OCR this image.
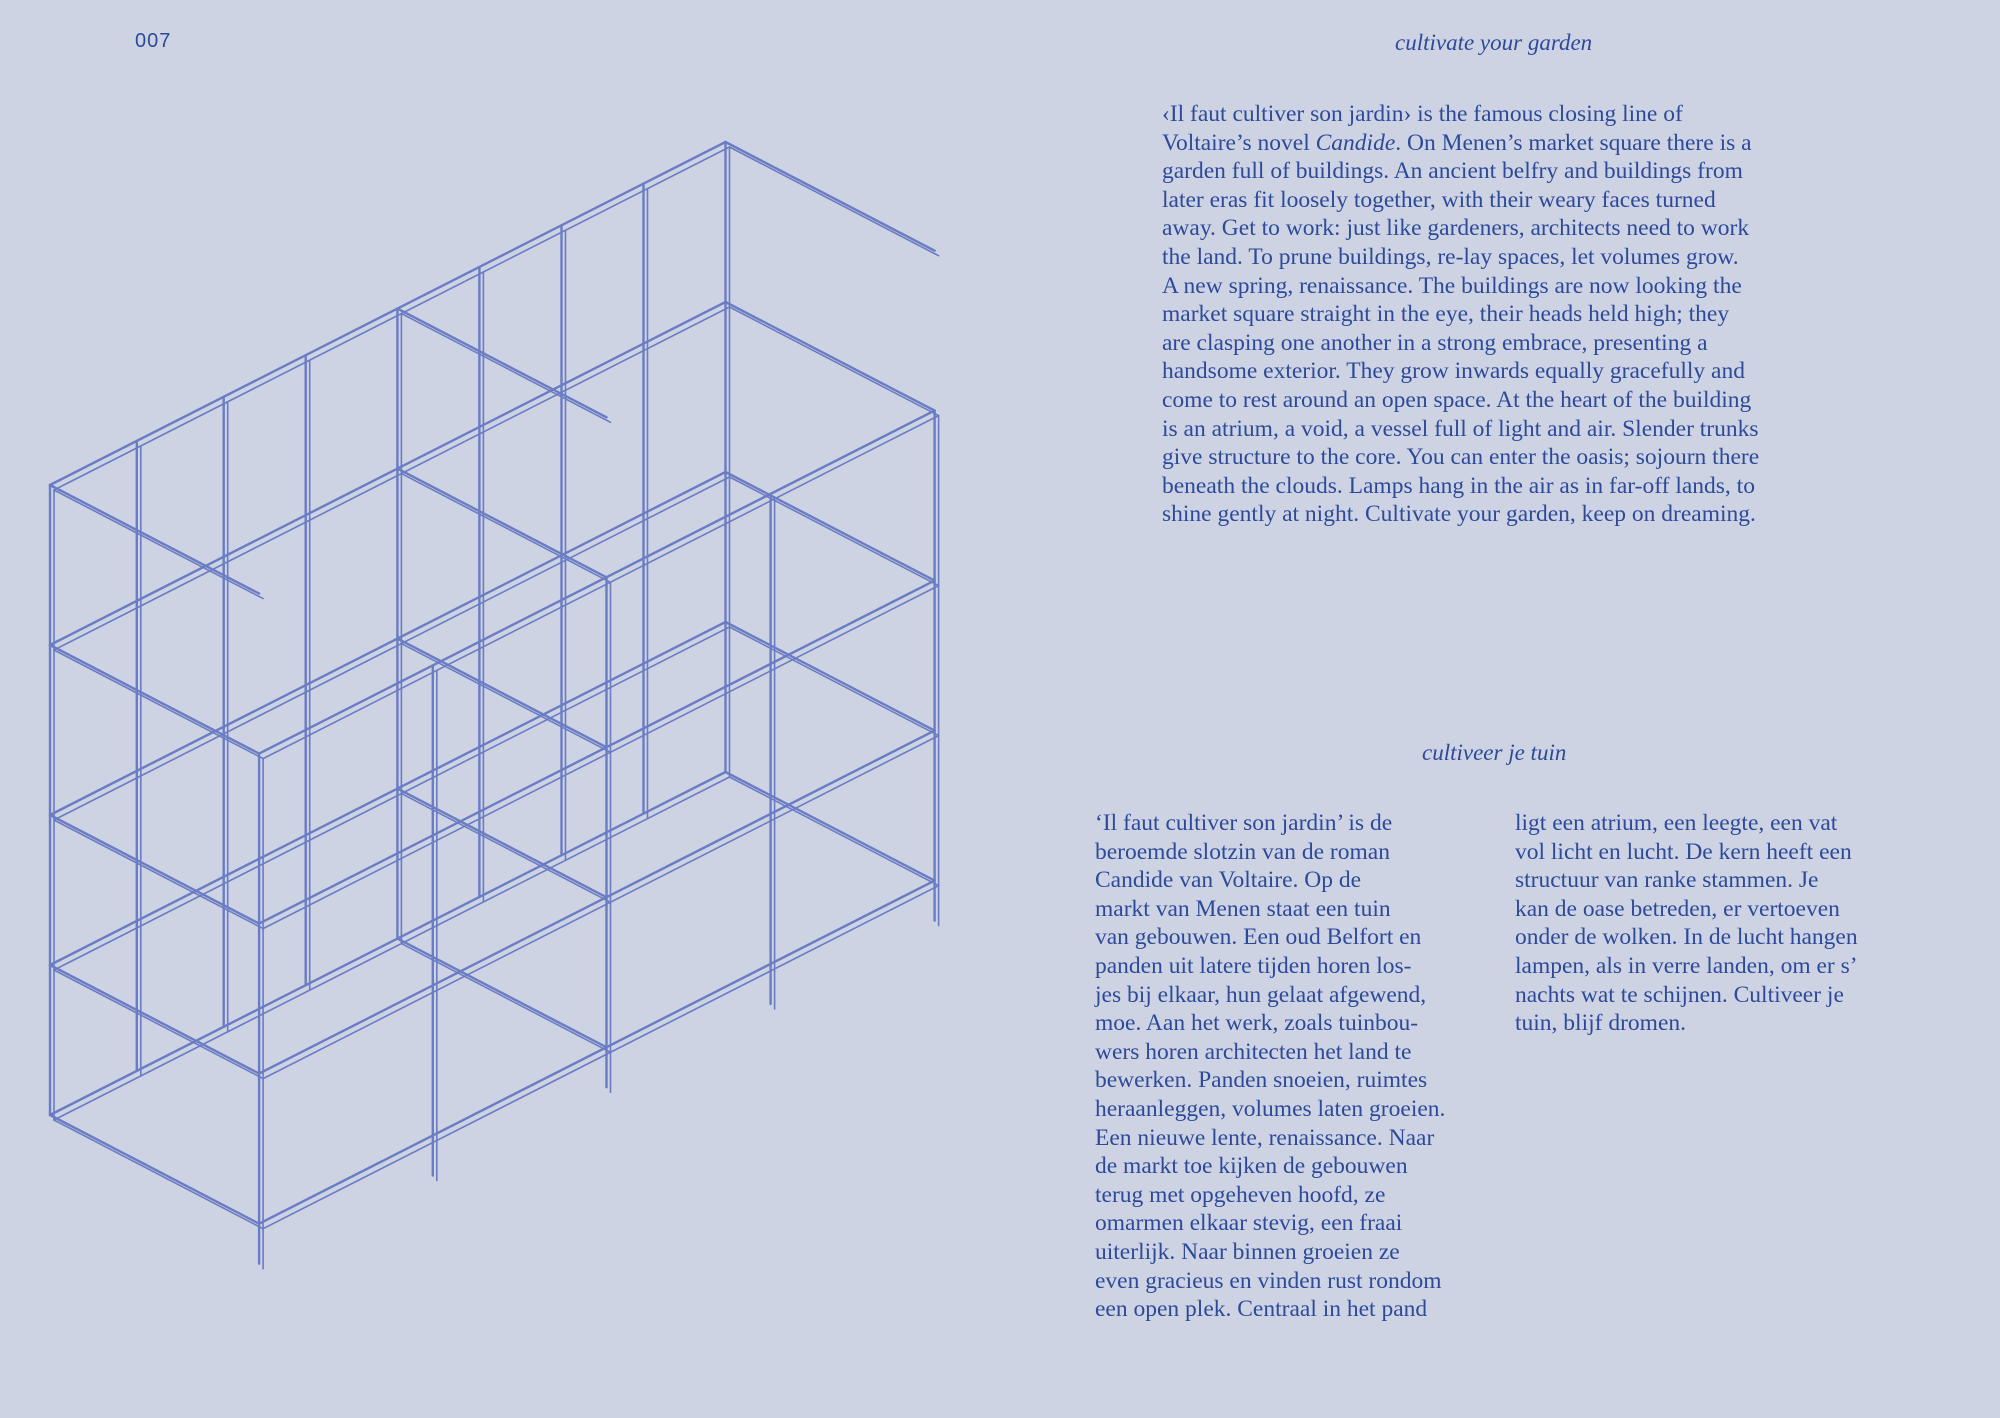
007	cultivate your garden

‹Il faut cultiver son jardin› is the famous closing line of
Voltaire’s novel Candide. On Menen’s market square there is a
garden full of buildings. An ancient belfry and buildings from
later eras fit loosely together, with their weary faces turned
away. Get to work: just like gardeners, architects need to work
the land. To prune buildings, re-lay spaces, let volumes grow.
A new spring, renaissance. The buildings are now looking the
market square straight in the eye, their heads held high; they
are clasping one another in a strong embrace, presenting a
handsome exterior. They grow inwards equally gracefully and
come to rest around an open space. At the heart of the building
is an atrium, a void, a vessel full of light and air. Slender trunks
give structure to the core. You can enter the oasis; sojourn there
beneath the clouds. Lamps hang in the air as in far-off lands, to
shine gently at night. Cultivate your garden, keep on dreaming.

cultiveer je tuin

‘Il faut cultiver son jardin’ is de
beroemde slotzin van de roman
Candide van Voltaire. Op de
markt van Menen staat een tuin
van gebouwen. Een oud Belfort en
panden uit latere tijden horen los-
jes bij elkaar, hun gelaat afgewend,
moe. Aan het werk, zoals tuinbou-
wers horen architecten het land te
bewerken. Panden snoeien, ruimtes
heraanleggen, volumes laten groeien.
Een nieuwe lente, renaissance. Naar
de markt toe kijken de gebouwen
terug met opgeheven hoofd, ze
omarmen elkaar stevig, een fraai
uiterlijk. Naar binnen groeien ze
even gracieus en vinden rust rondom
een open plek. Centraal in het pand

ligt een atrium, een leegte, een vat
vol licht en lucht. De kern heeft een
structuur van ranke stammen. Je
kan de oase betreden, er vertoeven
onder de wolken. In de lucht hangen
lampen, als in verre landen, om er s’
nachts wat te schijnen. Cultiveer je
tuin, blijf dromen.
